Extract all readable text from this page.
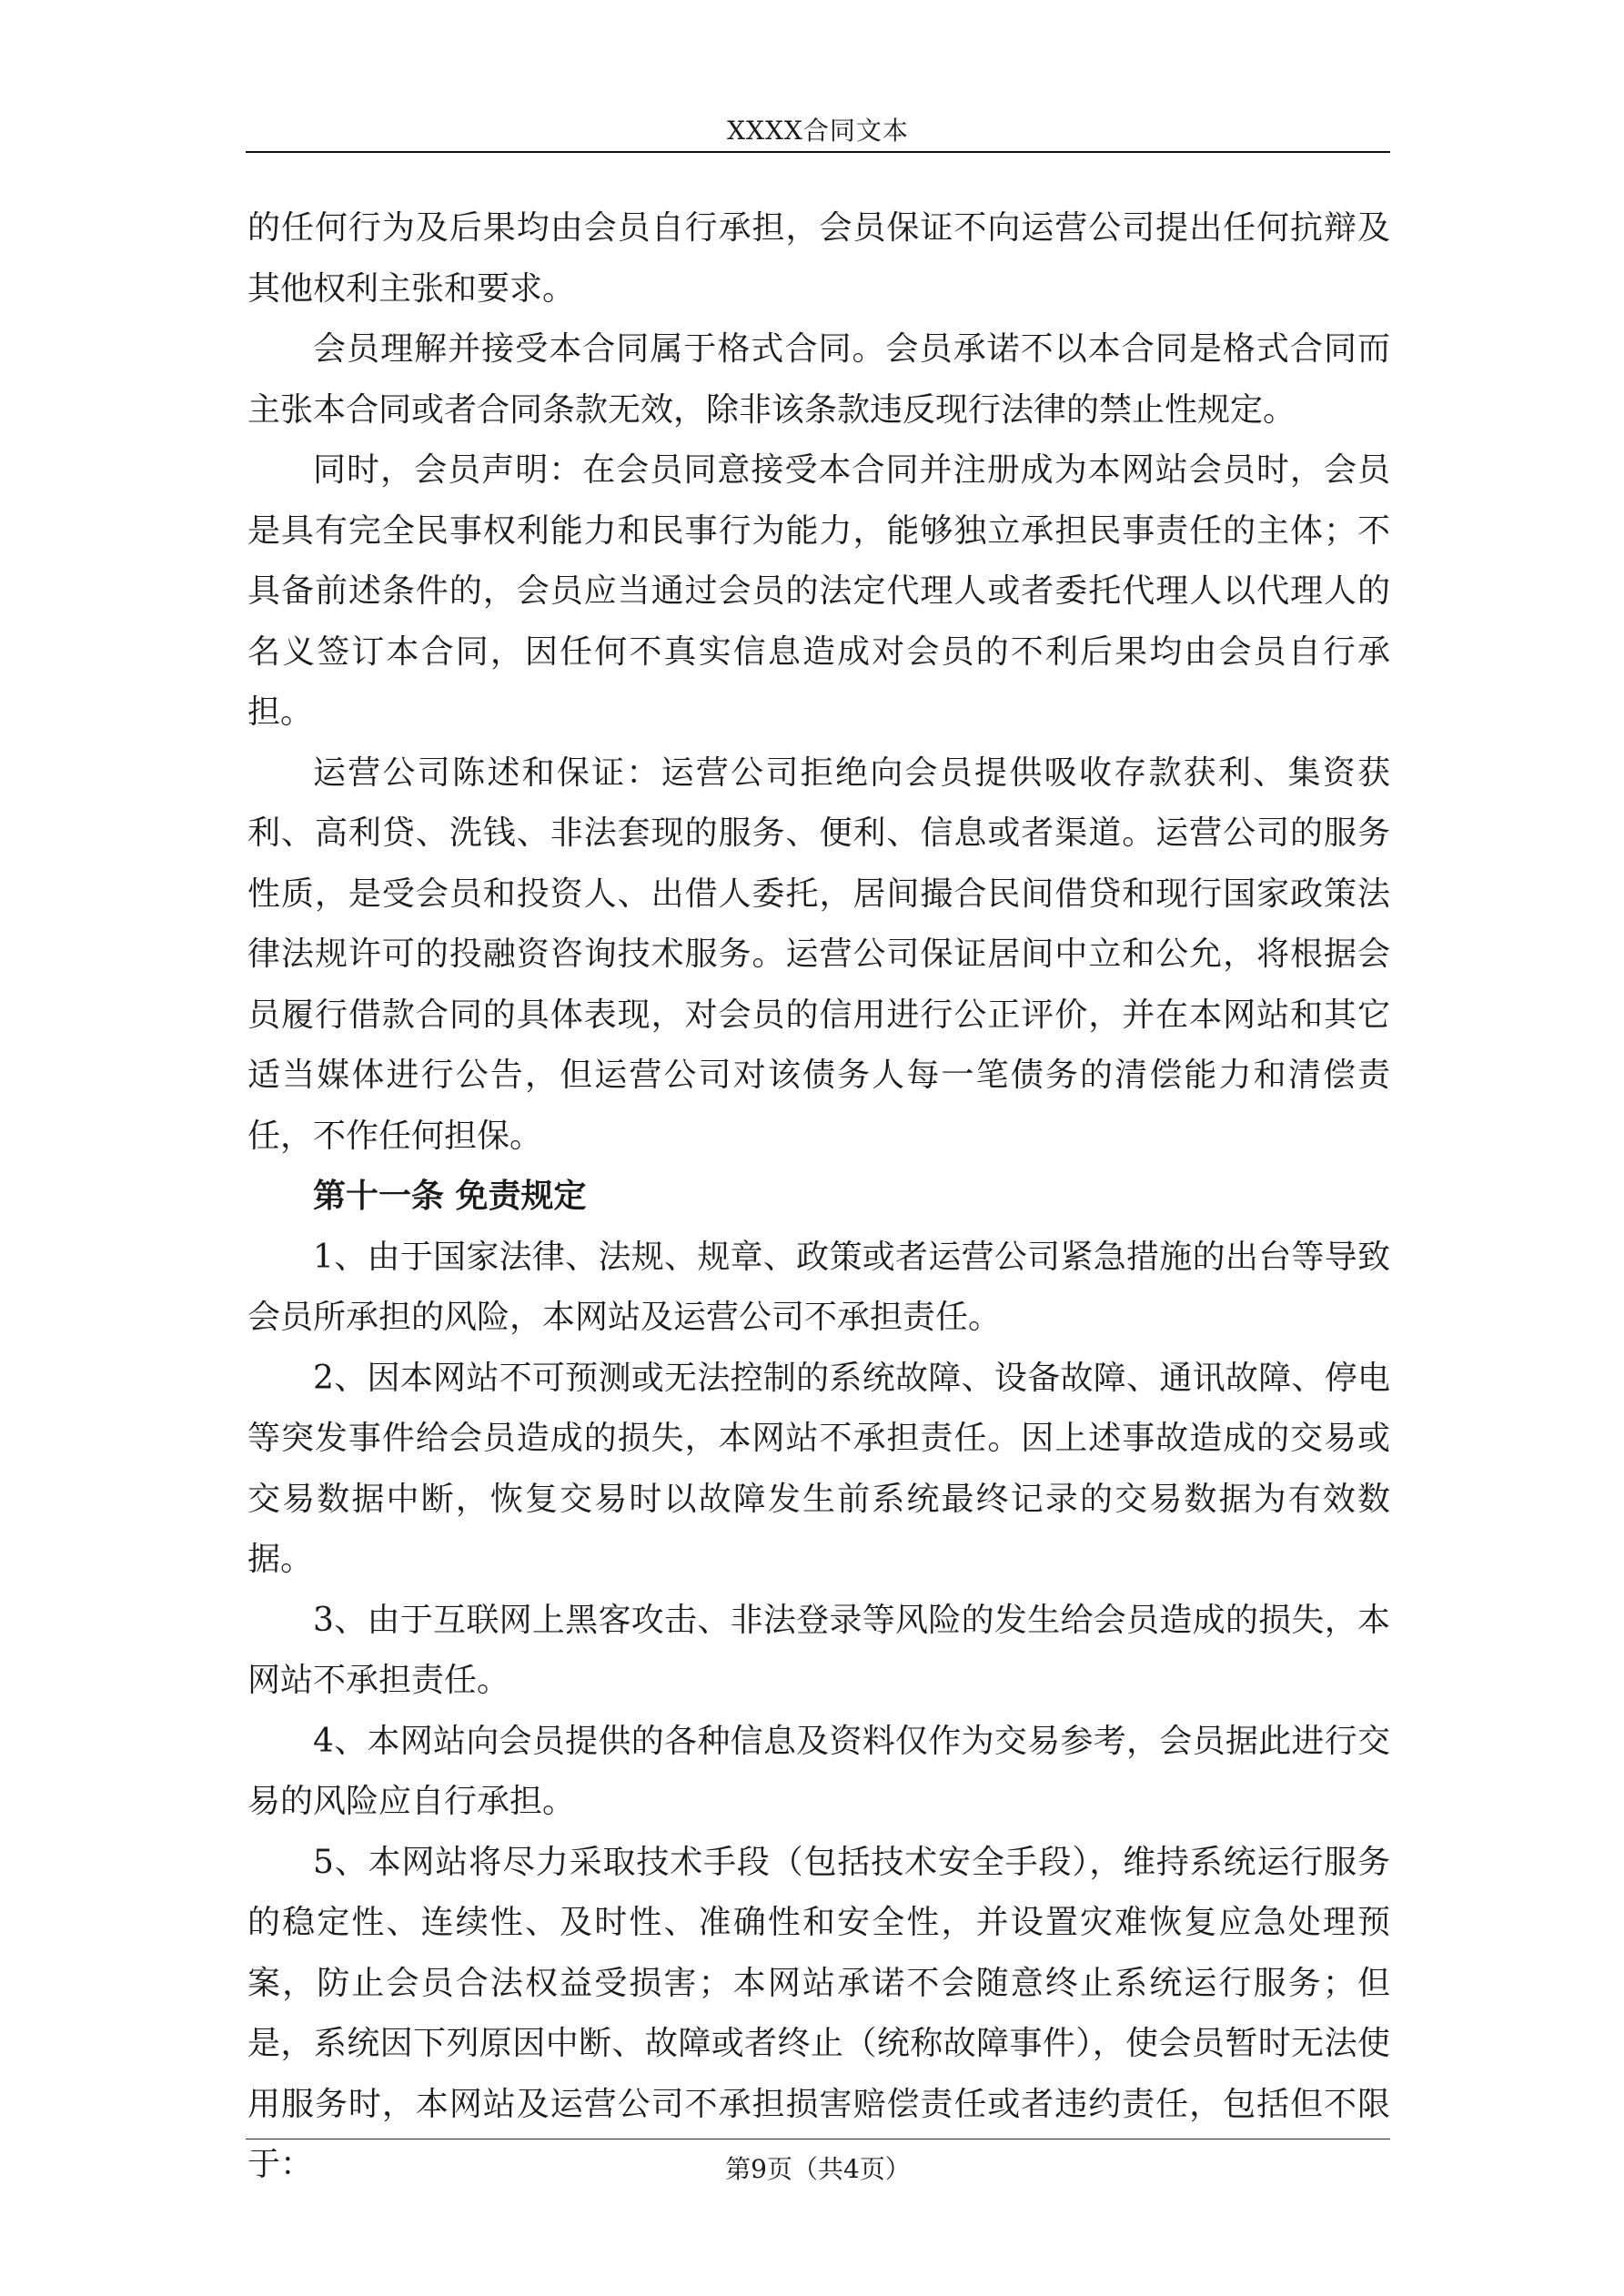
XXXX合同文本

的任何行为及后果均由会员自行承担，会员保证不向运营公司提出任何抗辩及其他权利主张和要求。

会员理解并接受本合同属于格式合同。会员承诺不以本合同是格式合同而主张本合同或者合同条款无效，除非该条款违反现行法律的禁止性规定。

同时，会员声明：在会员同意接受本合同并注册成为本网站会员时，会员是具有完全民事权利能力和民事行为能力，能够独立承担民事责任的主体；不具备前述条件的，会员应当通过会员的法定代理人或者委托代理人以代理人的名义签订本合同，因任何不真实信息造成对会员的不利后果均由会员自行承担。

运营公司陈述和保证：运营公司拒绝向会员提供吸收存款获利、集资获利、高利贷、洗钱、非法套现的服务、便利、信息或者渠道。运营公司的服务性质，是受会员和投资人、出借人委托，居间撮合民间借贷和现行国家政策法律法规许可的投融资咨询技术服务。运营公司保证居间中立和公允，将根据会员履行借款合同的具体表现，对会员的信用进行公正评价，并在本网站和其它适当媒体进行公告，但运营公司对该债务人每一笔债务的清偿能力和清偿责任，不作任何担保。

第十一条 免责规定

1、由于国家法律、法规、规章、政策或者运营公司紧急措施的出台等导致会员所承担的风险，本网站及运营公司不承担责任。

2、因本网站不可预测或无法控制的系统故障、设备故障、通讯故障、停电等突发事件给会员造成的损失，本网站不承担责任。因上述事故造成的交易或交易数据中断，恢复交易时以故障发生前系统最终记录的交易数据为有效数据。

3、由于互联网上黑客攻击、非法登录等风险的发生给会员造成的损失，本网站不承担责任。

4、本网站向会员提供的各种信息及资料仅作为交易参考，会员据此进行交易的风险应自行承担。

5、本网站将尽力采取技术手段（包括技术安全手段），维持系统运行服务的稳定性、连续性、及时性、准确性和安全性，并设置灾难恢复应急处理预案，防止会员合法权益受损害；本网站承诺不会随意终止系统运行服务；但是，系统因下列原因中断、故障或者终止（统称故障事件），使会员暂时无法使用服务时，本网站及运营公司不承担损害赔偿责任或者违约责任，包括但不限于：	第9页（共4页）
